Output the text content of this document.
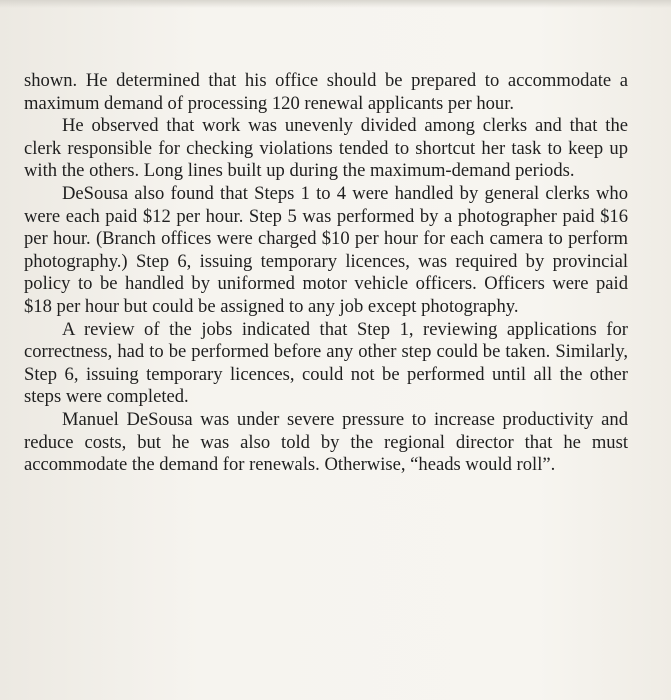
shown. He determined that his office should be prepared to accommodate a maximum demand of processing 120 renewal applicants per hour.

He observed that work was unevenly divided among clerks and that the clerk responsible for checking violations tended to shortcut her task to keep up with the others. Long lines built up during the maximum-demand periods.

DeSousa also found that Steps 1 to 4 were handled by general clerks who were each paid $12 per hour. Step 5 was performed by a photographer paid $16 per hour. (Branch offices were charged $10 per hour for each camera to perform photography.) Step 6, issuing temporary licences, was required by provincial policy to be handled by uniformed motor vehicle officers. Officers were paid $18 per hour but could be assigned to any job except photography.

A review of the jobs indicated that Step 1, reviewing applications for correctness, had to be performed before any other step could be taken. Similarly, Step 6, issuing temporary licences, could not be performed until all the other steps were completed.

Manuel DeSousa was under severe pressure to increase productivity and reduce costs, but he was also told by the regional director that he must accommodate the demand for renewals. Otherwise, “heads would roll”.
